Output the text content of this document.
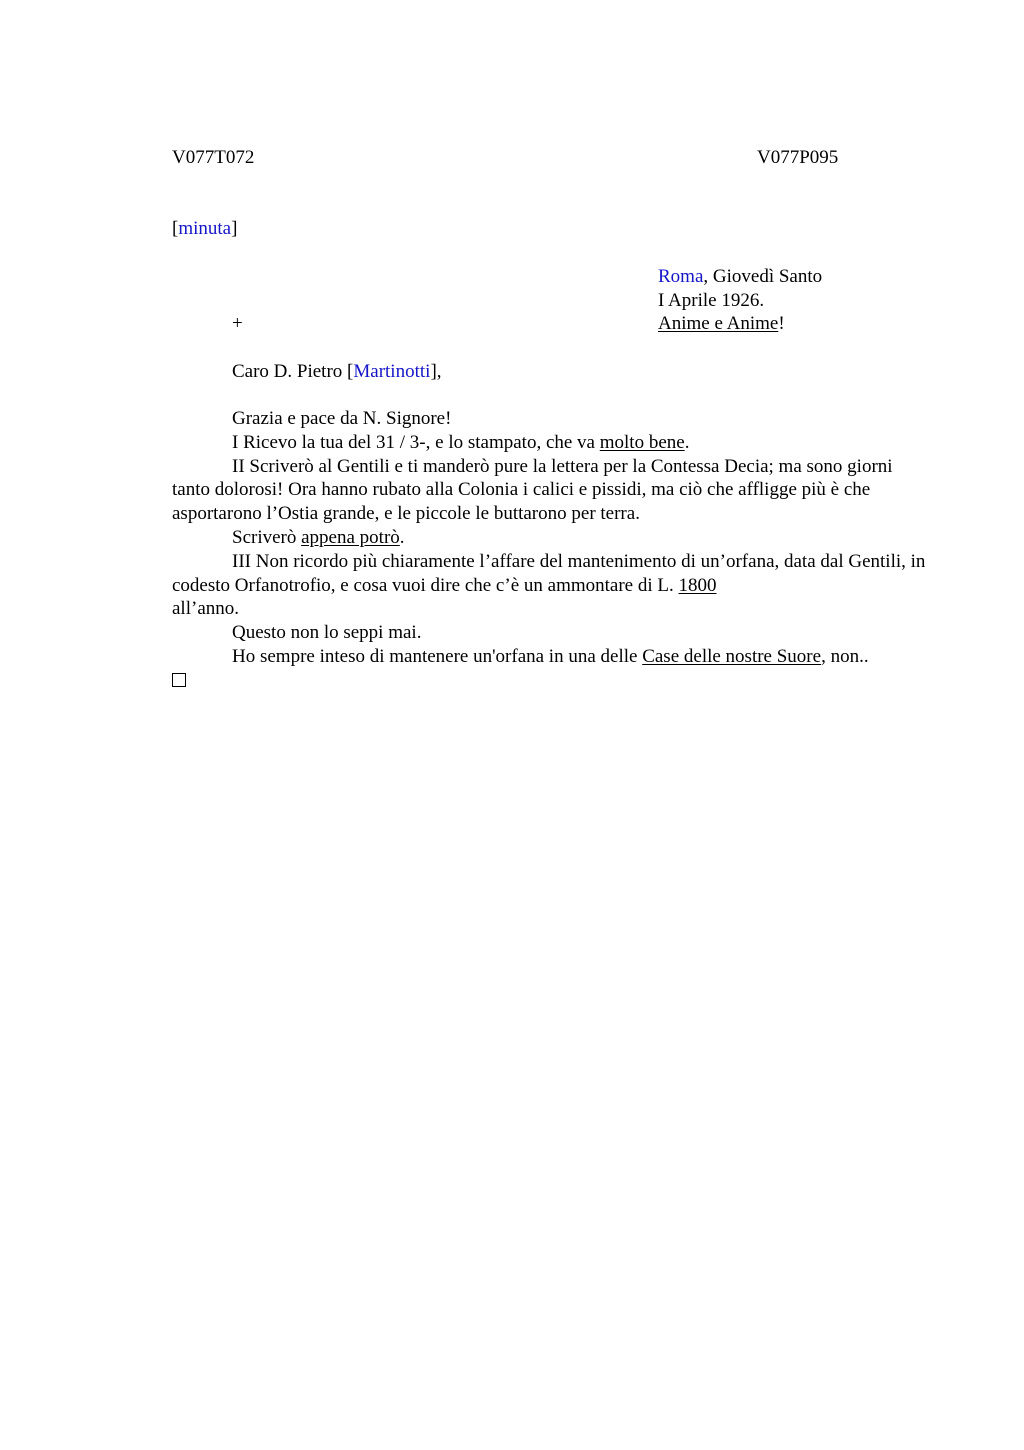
V077T072	V077P095
[minuta]
Roma, Giovedì Santo
I Aprile 1926.
Anime e Anime!
+
Caro D. Pietro [Martinotti],
Grazia e pace da N. Signore!
I Ricevo la tua del 31 / 3-, e lo stampato, che va molto bene.
II Scriverò al Gentili e ti manderò pure la lettera per la Contessa Decia; ma sono giorni tanto dolorosi! Ora hanno rubato alla Colonia i calici e pissidi, ma ciò che affligge più è che asportarono l’Ostia grande, e le piccole le buttarono per terra.
Scriverò appena potrò.
III Non ricordo più chiaramente l’affare del mantenimento di un’orfana, data dal Gentili, in codesto Orfanotrofio, e cosa vuoi dire che c’è un ammontare di L. 1800
all’anno.
Questo non lo seppi mai.
Ho sempre inteso di mantenere un'orfana in una delle Case delle nostre Suore, non..
